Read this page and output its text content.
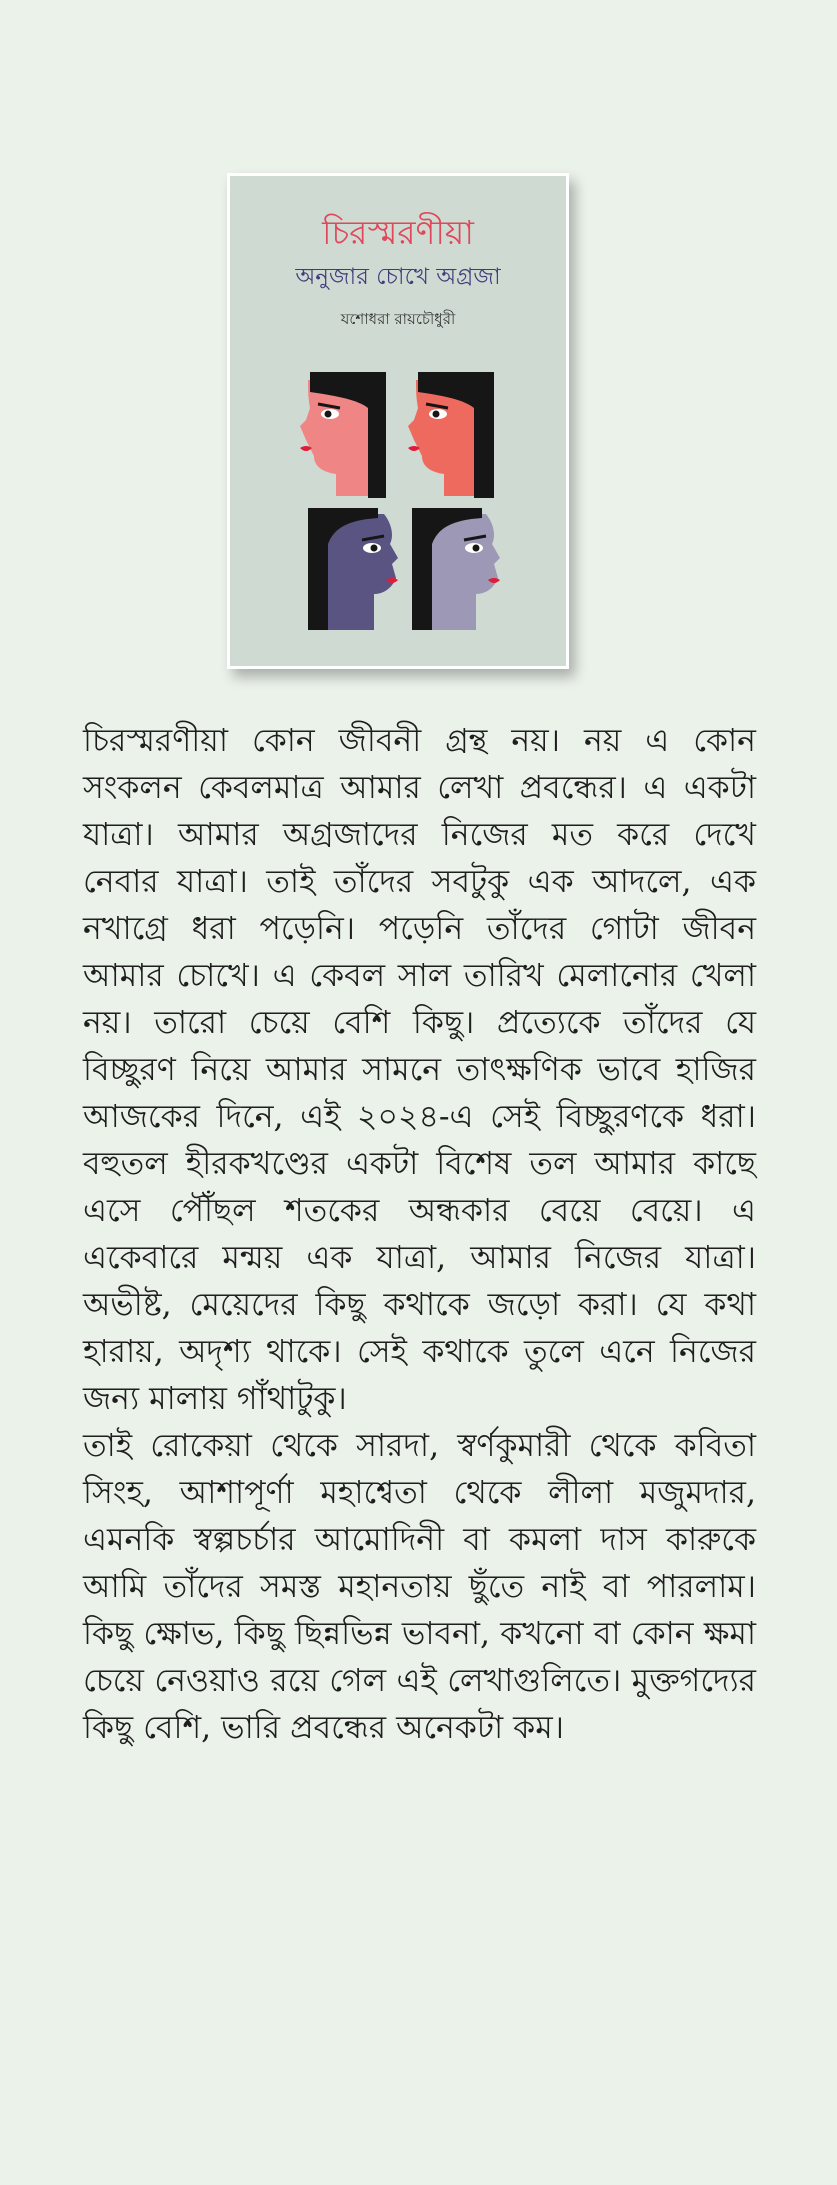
চিরস্মরণীয়া
অনুজার চোখে অগ্রজা
যশোধরা রায়চৌধুরী

চিরস্মরণীয়া কোন জীবনী গ্রন্থ নয়। নয় এ কোন সংকলন কেবলমাত্র আমার লেখা প্রবন্ধের। এ একটা যাত্রা। আমার অগ্রজাদের নিজের মত করে দেখে নেবার যাত্রা। তাই তাঁদের সবটুকু এক আদলে, এক নখাগ্রে ধরা পড়েনি। পড়েনি তাঁদের গোটা জীবন আমার চোখে। এ কেবল সাল তারিখ মেলানোর খেলা নয়। তারো চেয়ে বেশি কিছু। প্রত্যেকে তাঁদের যে বিচ্ছুরণ নিয়ে আমার সামনে তাৎক্ষণিক ভাবে হাজির আজকের দিনে, এই ২০২৪-এ সেই বিচ্ছুরণকে ধরা। বহুতল হীরকখণ্ডের একটা বিশেষ তল আমার কাছে এসে পৌঁছল শতকের অন্ধকার বেয়ে বেয়ে। এ একেবারে মন্ময় এক যাত্রা, আমার নিজের যাত্রা। অভীষ্ট, মেয়েদের কিছু কথাকে জড়ো করা। যে কথা হারায়, অদৃশ্য থাকে। সেই কথাকে তুলে এনে নিজের জন্য মালায় গাঁথাটুকু।

তাই রোকেয়া থেকে সারদা, স্বর্ণকুমারী থেকে কবিতা সিংহ, আশাপূর্ণা মহাশ্বেতা থেকে লীলা মজুমদার, এমনকি স্বল্পচর্চার আমোদিনী বা কমলা দাস কারুকে আমি তাঁদের সমস্ত মহানতায় ছুঁতে নাই বা পারলাম। কিছু ক্ষোভ, কিছু ছিন্নভিন্ন ভাবনা, কখনো বা কোন ক্ষমা চেয়ে নেওয়াও রয়ে গেল এই লেখাগুলিতে। মুক্তগদ্যের কিছু বেশি, ভারি প্রবন্ধের অনেকটা কম।
